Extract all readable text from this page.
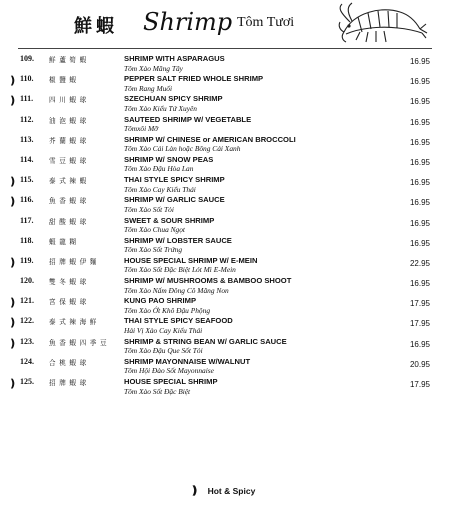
鮮蝦 Shrimp Tôm Tươi
109.	鮮蘆筍蝦	SHRIMP WITH ASPARAGUS
Tôm Xào Măng Tây
16.95
❫ 110.	椒鹽蝦	PEPPER SALT FRIED WHOLE SHRIMP
Tôm Rang Muối
16.95
❫ 111.	四川蝦球	SZECHUAN SPICY SHRIMP
Tôm Xào Kiểu Tứ Xuyên
16.95
112.	油泡蝦球	SAUTEED SHRIMP W/ VEGETABLE
Tômxôi Mỡ
16.95
113.	芥蘭蝦球	SHRIMP W/ CHINESE or AMERICAN BROCCOLI
Tôm Xào Cải Làn hoặc Bông Cải Xanh
16.95
114.	雪豆蝦球	SHRIMP W/ SNOW PEAS
Tôm Xào Đậu Hòa Lan
16.95
❫ 115.	泰式辣蝦	THAI STYLE SPICY SHRIMP
Tôm Xào Cay Kiểu Thái
16.95
❫ 116.	魚香蝦球	SHRIMP W/ GARLIC SAUCE
Tôm Xào Sốt Tỏi
16.95
117.	甜酸蝦球	SWEET & SOUR SHRIMP
Tôm Xào Chua Ngọt
16.95
118.	蝦龍糊	SHRIMP W/ LOBSTER SAUCE
Tôm Xào Sốt Trứng
16.95
❫ 119.	招牌蝦伊麵	HOUSE SPECIAL SHRIMP W/ E-MEIN
Tôm Xào Sốt Đặc Biệt Lót Mì E-Mein
22.95
120.	雙冬蝦球	SHRIMP W/ MUSHROOMS & BAMBOO SHOOT
Tôm Xào Nấm Đông Cô Măng Non
16.95
❫ 121.	宮保蝦球	KUNG PAO SHRIMP
Tôm Xào Ớt Khô Đậu Phộng
17.95
❫ 122.	泰式辣海鮮	THAI STYLE SPICY SEAFOOD
Hải Vị Xào Cay Kiểu Thái
17.95
❫ 123.	魚香蝦四季豆	SHRIMP & STRING BEAN W/ GARLIC SAUCE
Tôm Xào Đậu Que Sốt Tỏi
16.95
124.	合桃蝦球	SHRIMP MAYONNAISE W/WALNUT
Tôm Hội Đào Sốt Mayonnaise
20.95
❫ 125.	招牌蝦球	HOUSE SPECIAL SHRIMP
Tôm Xào Sốt Đặc Biệt
17.95
❫ Hot & Spicy
